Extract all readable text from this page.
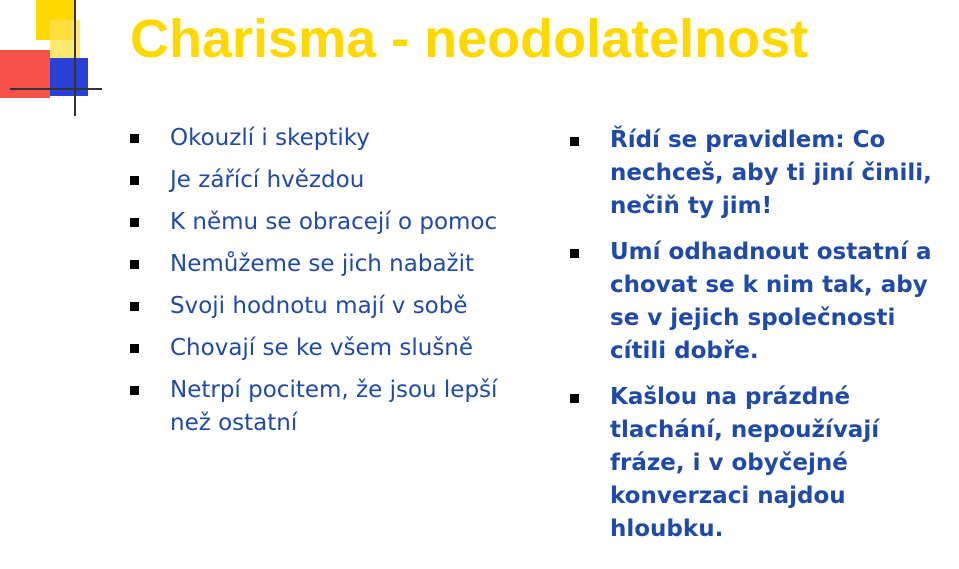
Charisma - neodolatelnost
Okouzlí i skeptiky
Je zářící hvězdou
K němu se obracejí o pomoc
Nemůžeme se jich nabažit
Svoji hodnotu mají v sobě
Chovají se ke všem slušně
Netrpí pocitem, že jsou lepší než ostatní
Řídí se pravidlem: Co nechceš, aby ti jiní činili, nečiň ty jim!
Umí odhadnout ostatní a chovat se k nim tak, aby se v jejich společnosti cítili dobře.
Kašlou na prázdné tlachání, nepoužívají fráze, i v obyčejné konverzaci najdou hloubku.
